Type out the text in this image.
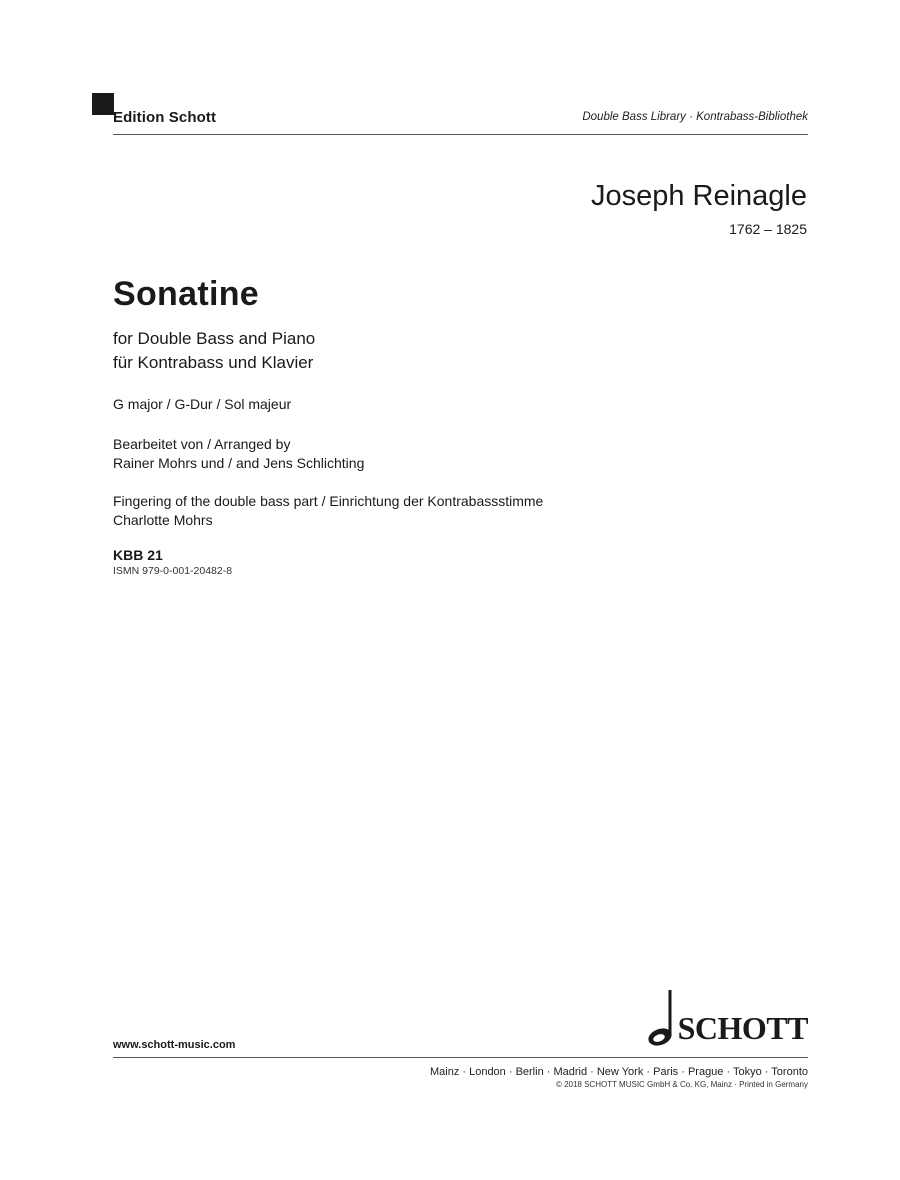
Edition Schott	Double Bass Library · Kontrabass-Bibliothek
Joseph Reinagle
1762 – 1825
Sonatine
for Double Bass and Piano
für Kontrabass und Klavier
G major / G-Dur / Sol majeur
Bearbeitet von / Arranged by
Rainer Mohrs und / and Jens Schlichting
Fingering of the double bass part / Einrichtung der Kontrabassstimme
Charlotte Mohrs
KBB 21
ISMN 979-0-001-20482-8
SCHOTT
www.schott-music.com
Mainz · London · Berlin · Madrid · New York · Paris · Prague · Tokyo · Toronto
© 2018 SCHOTT MUSIC GmbH & Co. KG, Mainz · Printed in Germany
